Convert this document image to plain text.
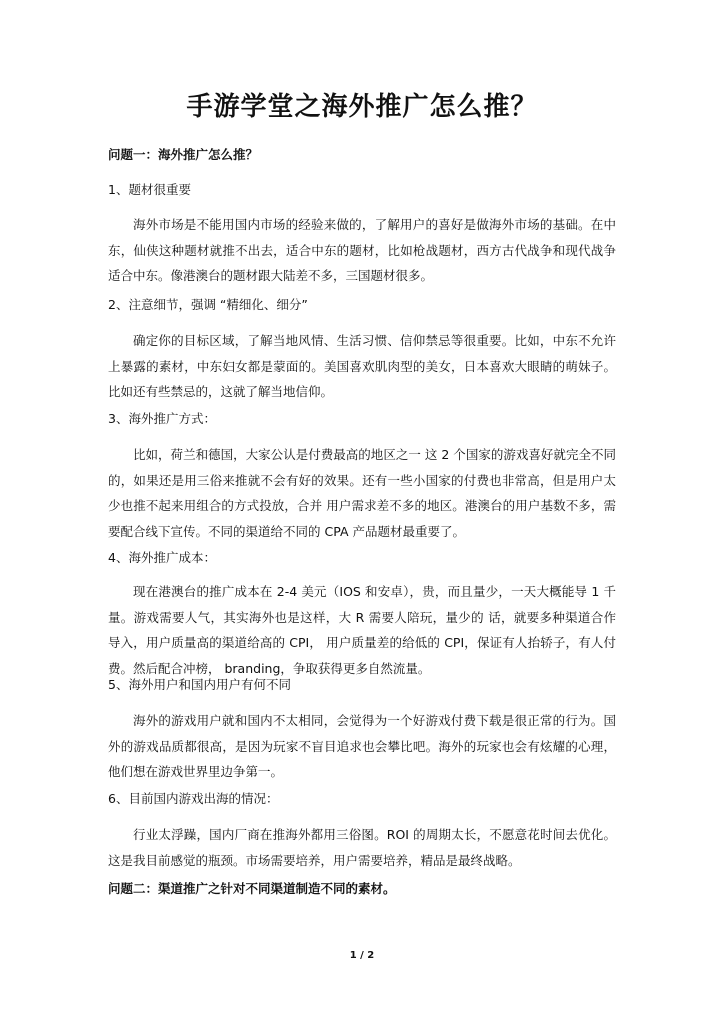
手游学堂之海外推广怎么推？

问题一：海外推广怎么推？

1、题材很重要

海外市场是不能用国内市场的经验来做的，了解用户的喜好是做海外市场的基础。在中东，仙侠这种题材就推不出去，适合中东的题材，比如枪战题材，西方古代战争和现代战争适合中东。像港澳台的题材跟大陆差不多，三国题材很多。

2、注意细节，强调 “精细化、细分”

确定你的目标区域，了解当地风情、生活习惯、信仰禁忌等很重要。比如，中东不允许上暴露的素材，中东妇女都是蒙面的。美国喜欢肌肉型的美女，日本喜欢大眼睛的萌妹子。比如还有些禁忌的，这就了解当地信仰。

3、海外推广方式：

比如，荷兰和德国，大家公认是付费最高的地区之一 这 2 个国家的游戏喜好就完全不同的，如果还是用三俗来推就不会有好的效果。还有一些小国家的付费也非常高，但是用户太少也推不起来用组合的方式投放，合并 用户需求差不多的地区。港澳台的用户基数不多，需要配合线下宣传。不同的渠道给不同的 CPA 产品题材最重要了。

4、海外推广成本：

现在港澳台的推广成本在 2-4 美元（IOS 和安卓），贵，而且量少，一天大概能导 1 千量。游戏需要人气，其实海外也是这样，大 R 需要人陪玩，量少的 话，就要多种渠道合作导入，用户质量高的渠道给高的 CPI， 用户质量差的给低的 CPI，保证有人抬轿子，有人付费。然后配合冲榜， branding，争取获得更多自然流量。

5、海外用户和国内用户有何不同

海外的游戏用户就和国内不太相同，会觉得为一个好游戏付费下载是很正常的行为。国外的游戏品质都很高，是因为玩家不盲目追求也会攀比吧。海外的玩家也会有炫耀的心理，他们想在游戏世界里边争第一。

6、目前国内游戏出海的情况：

行业太浮躁，国内厂商在推海外都用三俗图。ROI 的周期太长，不愿意花时间去优化。这是我目前感觉的瓶颈。市场需要培养，用户需要培养，精品是最终战略。

问题二：渠道推广之针对不同渠道制造不同的素材。

1 / 2
